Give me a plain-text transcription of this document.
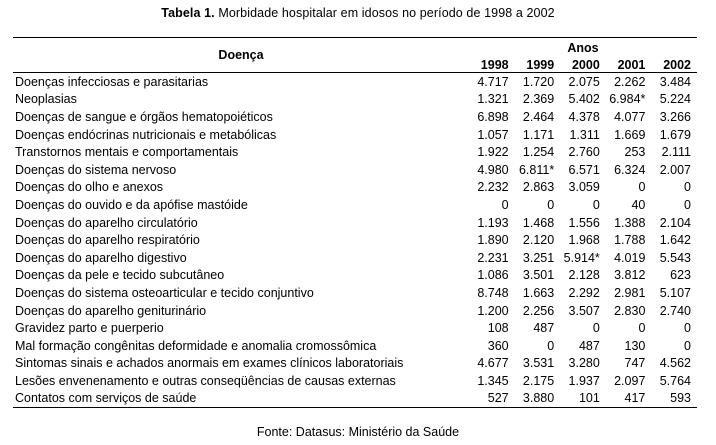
Tabela 1. Morbidade hospitalar em idosos no período de 1998 a 2002
Doença	Anos				
	1998	1999	2000	2001	2002
Doenças infecciosas e parasitarias	4.717	1.720	2.075	2.262	3.484
Neoplasias	1.321	2.369	5.402	6.984*	5.224
Doenças de sangue e órgãos hematopoiéticos	6.898	2.464	4.378	4.077	3.266
Doenças endócrinas nutricionais e metabólicas	1.057	1.171	1.311	1.669	1.679
Transtornos mentais e comportamentais	1.922	1.254	2.760	253	2.111
Doenças do sistema nervoso	4.980	6.811*	6.571	6.324	2.007
Doenças do olho e anexos	2.232	2.863	3.059	0	0
Doenças do ouvido e da apófise mastóide	0	0	0	40	0
Doenças do aparelho circulatório	1.193	1.468	1.556	1.388	2.104
Doenças do aparelho respiratório	1.890	2.120	1.968	1.788	1.642
Doenças do aparelho digestivo	2.231	3.251	5.914*	4.019	5.543
Doenças da pele e tecido subcutâneo	1.086	3.501	2.128	3.812	623
Doenças do sistema osteoarticular e tecido conjuntivo	8.748	1.663	2.292	2.981	5.107
Doenças do aparelho geniturinário	1.200	2.256	3.507	2.830	2.740
Gravidez parto e puerperio	108	487	0	0	0
Mal formação congênitas deformidade e anomalia cromossômica	360	0	487	130	0
Sintomas sinais e achados anormais em exames clínicos laboratoriais	4.677	3.531	3.280	747	4.562
Lesões envenenamento e outras conseqüências de causas externas	1.345	2.175	1.937	2.097	5.764
Contatos com serviços de saúde	527	3.880	101	417	593
Fonte: Datasus: Ministério da Saúde
